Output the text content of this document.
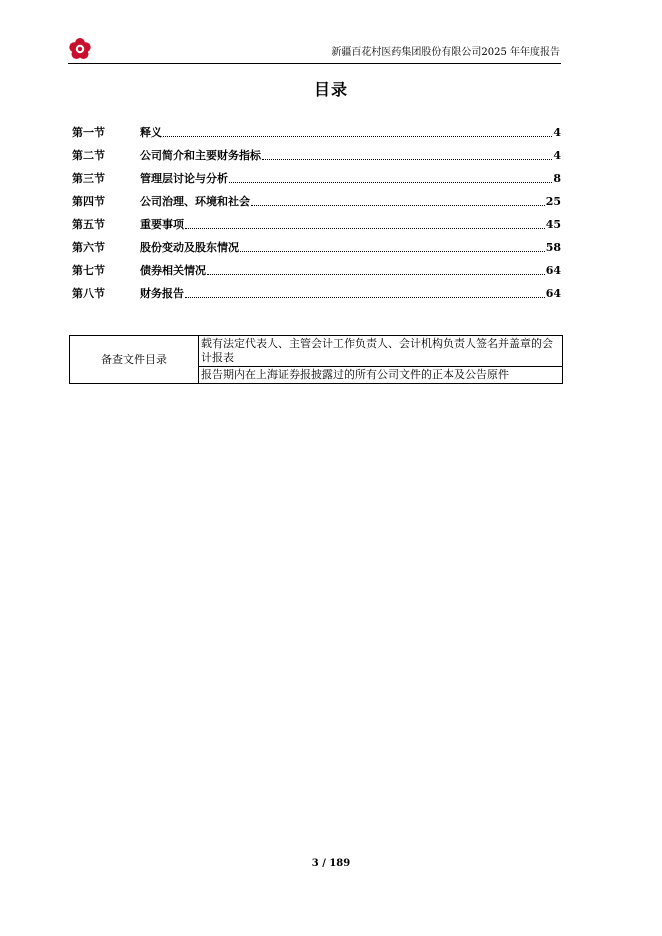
新疆百花村医药集团股份有限公司2025 年年度报告
目录
第一节	释义	4
第二节	公司简介和主要财务指标	4
第三节	管理层讨论与分析	8
第四节	公司治理、环境和社会	25
第五节	重要事项	45
第六节	股份变动及股东情况	58
第七节	债券相关情况	64
第八节	财务报告	64
备查文件目录	载有法定代表人、主管会计工作负责人、会计机构负责人签名并盖章的会计报表
报告期内在上海证券报披露过的所有公司文件的正本及公告原件
3 / 189
